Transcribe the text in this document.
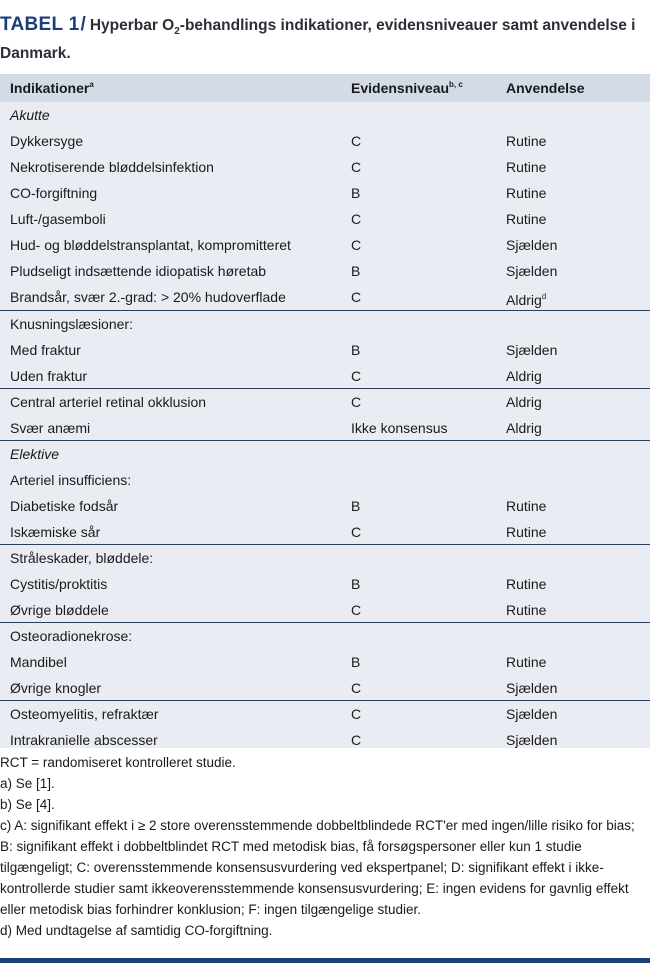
TABEL 1/ Hyperbar $O_2$-behandlings indikationer, evidensniveauer samt anvendelse i Danmark.
Indikationer$^a$	Evidensniveau$^{b, c}$	Anvendelse
Akutte
Dykkersyge	C	Rutine
Nekrotiserende bløddelsinfektion	C	Rutine
CO-forgiftning	B	Rutine
Luft-/gasemboli	C	Rutine
Hud- og bløddelstransplantat, kompromitteret	C	Sjælden
Pludseligt indsættende idiopatisk høretab	B	Sjælden
Brandsår, svær 2.-grad: > 20% hudoverflade	C	Aldrig$^d$
Knusningslæsioner:
Med fraktur	B	Sjælden
Uden fraktur	C	Aldrig
Central arteriel retinal okklusion	C	Aldrig
Svær anæmi	Ikke konsensus	Aldrig
Elektive
Arteriel insufficiens:
Diabetiske fodsår	B	Rutine
Iskæmiske sår	C	Rutine
Stråleskader, bløddele:
Cystitis/proktitis	B	Rutine
Øvrige bløddele	C	Rutine
Osteoradionekrose:
Mandibel	B	Rutine
Øvrige knogler	C	Sjælden
Osteomyelitis, refraktær	C	Sjælden
Intrakranielle abscesser	C	Sjælden

RCT = randomiseret kontrolleret studie.

a) Se [1].

b) Se [4].

c) A: signifikant effekt i ≥ 2 store overensstemmende dobbeltblindede RCT'er med ingen/lille risiko for bias; B: signifikant effekt i dobbeltblindet RCT med metodisk bias, få forsøgspersoner eller kun 1 studie tilgængeligt; C: overensstemmende konsensusvurdering ved ekspertpanel; D: signifikant effekt i ikke-kontrollerde studier samt ikkeoverensstemmende konsensusvurdering; E: ingen evidens for gavnlig effekt eller metodisk bias forhindrer konklusion; F: ingen tilgængelige studier.

d) Med undtagelse af samtidig CO-forgiftning.
